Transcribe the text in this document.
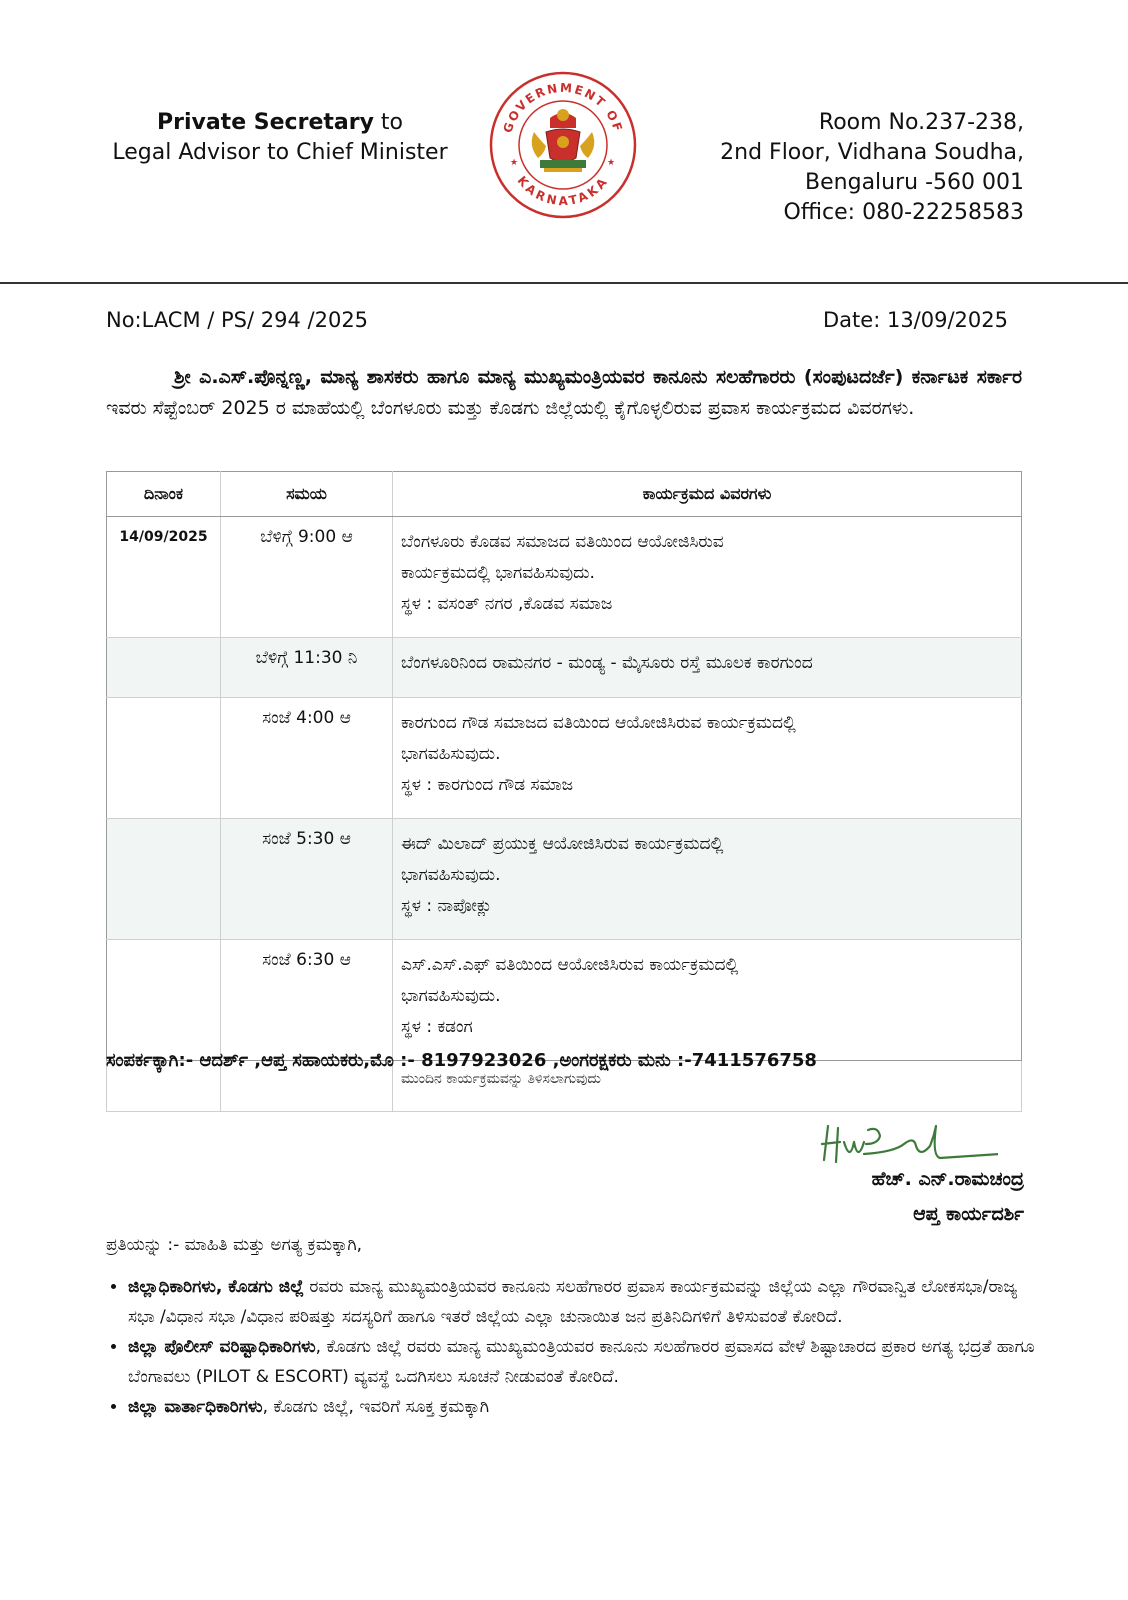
Private Secretary to
Legal Advisor to Chief Minister
GOVERNMENT OF
KARNATAKA
★	★
Room No.237-238,
2nd Floor, Vidhana Soudha,
Bengaluru -560 001
Office: 080-22258583
No:LACM / PS/ 294 /2025	Date: 13/09/2025
ಶ್ರೀ ಎ.ಎಸ್.ಪೊನ್ನಣ್ಣ, ಮಾನ್ಯ ಶಾಸಕರು ಹಾಗೂ ಮಾನ್ಯ ಮುಖ್ಯಮಂತ್ರಿಯವರ ಕಾನೂನು ಸಲಹೆಗಾರರು (ಸಂಪುಟದರ್ಜೆ) ಕರ್ನಾಟಕ ಸರ್ಕಾರ ಇವರು ಸೆಪ್ಟೆಂಬರ್ 2025 ರ ಮಾಹೆಯಲ್ಲಿ ಬೆಂಗಳೂರು ಮತ್ತು ಕೊಡಗು ಜಿಲ್ಲೆಯಲ್ಲಿ ಕೈಗೊಳ್ಳಲಿರುವ ಪ್ರವಾಸ ಕಾರ್ಯಕ್ರಮದ ವಿವರಗಳು.
ದಿನಾಂಕ	ಸಮಯ	ಕಾರ್ಯಕ್ರಮದ ವಿವರಗಳು
14/09/2025	ಬೆಳಿಗ್ಗೆ 9:00 ಆ	ಬೆಂಗಳೂರು ಕೊಡವ ಸಮಾಜದ ವತಿಯಿಂದ ಆಯೋಜಿಸಿರುವ
ಕಾರ್ಯಕ್ರಮದಲ್ಲಿ ಭಾಗವಹಿಸುವುದು.
ಸ್ಥಳ : ವಸಂತ್ ನಗರ ,ಕೊಡವ ಸಮಾಜ

	ಬೆಳಿಗ್ಗೆ 11:30 ನಿ	ಬೆಂಗಳೂರಿನಿಂದ ರಾಮನಗರ - ಮಂಡ್ಯ - ಮೈಸೂರು ರಸ್ತೆ ಮೂಲಕ ಕಾರಗುಂದ

	ಸಂಜೆ 4:00 ಆ	ಕಾರಗುಂದ ಗೌಡ ಸಮಾಜದ ವತಿಯಿಂದ ಆಯೋಜಿಸಿರುವ ಕಾರ್ಯಕ್ರಮದಲ್ಲಿ
ಭಾಗವಹಿಸುವುದು.
ಸ್ಥಳ : ಕಾರಗುಂದ ಗೌಡ ಸಮಾಜ

	ಸಂಜೆ 5:30 ಆ	ಈದ್ ಮಿಲಾದ್ ಪ್ರಯುಕ್ತ ಆಯೋಜಿಸಿರುವ ಕಾರ್ಯಕ್ರಮದಲ್ಲಿ
ಭಾಗವಹಿಸುವುದು.
ಸ್ಥಳ : ನಾಪೋಕ್ಲು

	ಸಂಜೆ 6:30 ಆ	ಎಸ್.ಎಸ್.ಎಫ್ ವತಿಯಿಂದ ಆಯೋಜಿಸಿರುವ ಕಾರ್ಯಕ್ರಮದಲ್ಲಿ
ಭಾಗವಹಿಸುವುದು.
ಸ್ಥಳ : ಕಡಂಗ

		ಮುಂದಿನ ಕಾರ್ಯಕ್ರಮವನ್ನು ತಿಳಿಸಲಾಗುವುದು
ಸಂಪರ್ಕಕ್ಕಾಗಿ:- ಆದರ್ಶ್ ,ಆಪ್ತ ಸಹಾಯಕರು,ಮೊ :- 8197923026 ,ಅಂಗರಕ್ಷಕರು ಮನು :-7411576758
ಹೆಚ್. ಎನ್.ರಾಮಚಂದ್ರ
ಆಪ್ತ ಕಾರ್ಯದರ್ಶಿ
ಪ್ರತಿಯನ್ನು :- ಮಾಹಿತಿ ಮತ್ತು ಅಗತ್ಯ ಕ್ರಮಕ್ಕಾಗಿ,
• ಜಿಲ್ಲಾಧಿಕಾರಿಗಳು, ಕೊಡಗು ಜಿಲ್ಲೆ ರವರು ಮಾನ್ಯ ಮುಖ್ಯಮಂತ್ರಿಯವರ ಕಾನೂನು ಸಲಹೆಗಾರರ ಪ್ರವಾಸ ಕಾರ್ಯಕ್ರಮವನ್ನು ಜಿಲ್ಲೆಯ ಎಲ್ಲಾ ಗೌರವಾನ್ವಿತ ಲೋಕಸಭಾ/ರಾಜ್ಯ ಸಭಾ /ವಿಧಾನ ಸಭಾ /ವಿಧಾನ ಪರಿಷತ್ತು ಸದಸ್ಯರಿಗೆ ಹಾಗೂ ಇತರೆ ಜಿಲ್ಲೆಯ ಎಲ್ಲಾ ಚುನಾಯಿತ ಜನ ಪ್ರತಿನಿದಿಗಳಿಗೆ ತಿಳಿಸುವಂತೆ ಕೋರಿದೆ.
• ಜಿಲ್ಲಾ ಪೊಲೀಸ್ ವರಿಷ್ಟಾಧಿಕಾರಿಗಳು, ಕೊಡಗು ಜಿಲ್ಲೆ ರವರು ಮಾನ್ಯ ಮುಖ್ಯಮಂತ್ರಿಯವರ ಕಾನೂನು ಸಲಹೆಗಾರರ ಪ್ರವಾಸದ ವೇಳೆ ಶಿಷ್ಟಾಚಾರದ ಪ್ರಕಾರ ಅಗತ್ಯ ಭದ್ರತೆ ಹಾಗೂ ಬೆಂಗಾವಲು (PILOT & ESCORT) ವ್ಯವಸ್ಥೆ ಒದಗಿಸಲು ಸೂಚನೆ ನೀಡುವಂತೆ ಕೋರಿದೆ.
• ಜಿಲ್ಲಾ ವಾರ್ತಾಧಿಕಾರಿಗಳು, ಕೊಡಗು ಜಿಲ್ಲೆ, ಇವರಿಗೆ ಸೂಕ್ತ ಕ್ರಮಕ್ಕಾಗಿ
